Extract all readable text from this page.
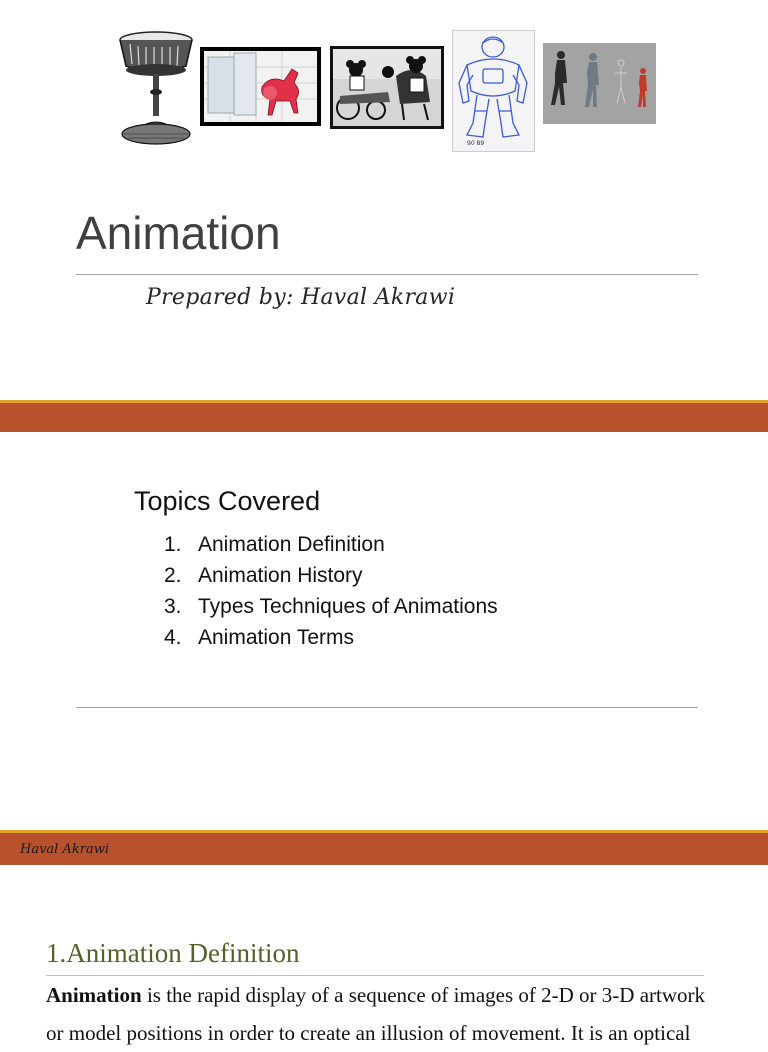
90 89
Animation
Prepared by: Haval Akrawi
Topics Covered
1. Animation Definition
2. Animation History
3. Types Techniques of Animations
4. Animation Terms
Haval Akrawi
1.Animation Definition
Animation is the rapid display of a sequence of images of 2-D or 3-D artwork
or model positions in order to create an illusion of movement. It is an optical
